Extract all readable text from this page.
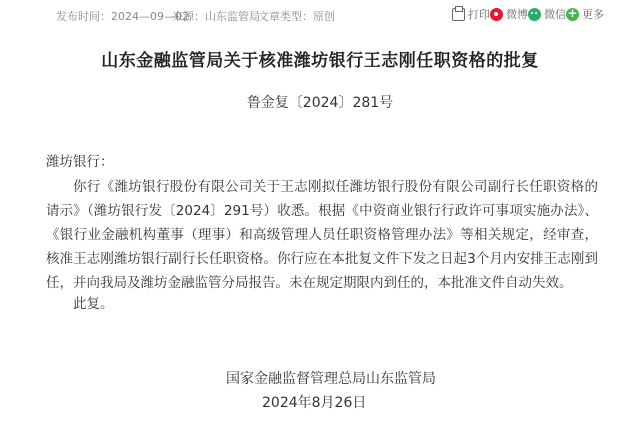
发布时间：2024—09—02
来源：山东监管局
文章类型：原创	打印 微博 微信
+ 更多
山东金融监管局关于核准潍坊银行王志刚任职资格的批复
鲁金复〔2024〕281号
潍坊银行：

你行《潍坊银行股份有限公司关于王志刚拟任潍坊银行股份有限公司副行长任职资格的请示》（潍坊银行发〔2024〕291号）收悉。根据《中资商业银行行政许可事项实施办法》、《银行业金融机构董事（理事）和高级管理人员任职资格管理办法》等相关规定，经审查，核准王志刚潍坊银行副行长任职资格。你行应在本批复文件下发之日起3个月内安排王志刚到任，并向我局及潍坊金融监管分局报告。未在规定期限内到任的，本批准文件自动失效。

此复。
国家金融监督管理总局山东监管局
2024年8月26日
